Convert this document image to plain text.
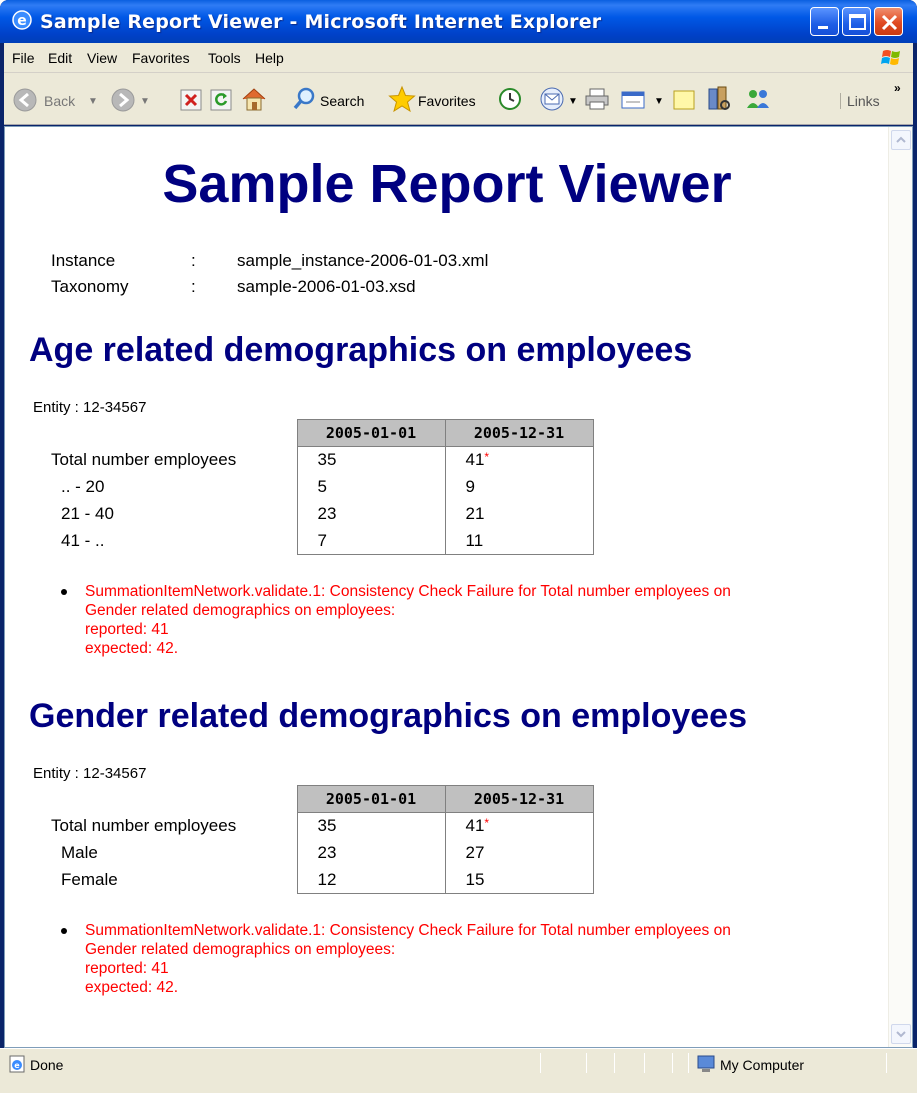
e Sample Report Viewer - Microsoft Internet Explorer
File Edit View Favorites Tools Help
Back ▼	▼	Search	Favorites	▼	▼	Links
»
Sample Report Viewer
Instance	: sample_instance-2006-01-03.xml
Taxonomy	: sample-2006-01-03.xsd
Age related demographics on employees
Entity : 12-34567
	2005-01-01	2005-12-31
Total number employees	35	41*
.. - 20	5	9
21 - 40	23	21
41 - ..	7	11
SummationItemNetwork.validate.1: Consistency Check Failure for Total number employees on
Gender related demographics on employees:
reported: 41
expected: 42.
Gender related demographics on employees
Entity : 12-34567
	2005-01-01	2005-12-31
Total number employees	35	41*
Male	23	27
Female	12	15
SummationItemNetwork.validate.1: Consistency Check Failure for Total number employees on
Gender related demographics on employees:
reported: 41
expected: 42.
e Done	My Computer
